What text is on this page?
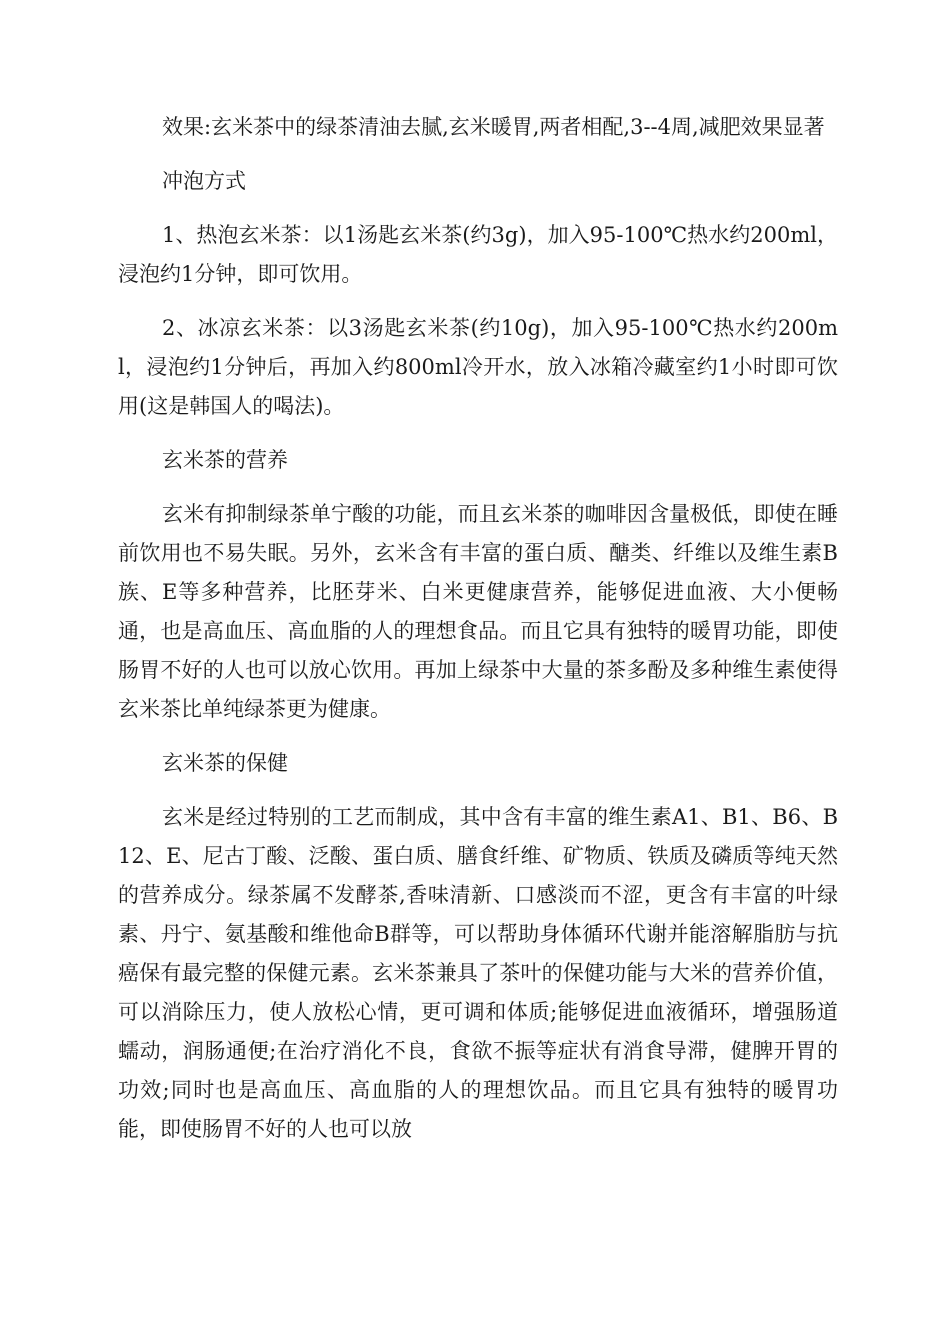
效果:玄米茶中的绿茶清油去腻,玄米暖胃,两者相配,3--4周,减肥效果显著

冲泡方式

1、热泡玄米茶：以1汤匙玄米茶(约3g)，加入95-100℃热水约200ml，浸泡约1分钟，即可饮用。

2、冰凉玄米茶：以3汤匙玄米茶(约10g)，加入95-100℃热水约200ml，浸泡约1分钟后，再加入约800ml冷开水，放入冰箱冷藏室约1小时即可饮用(这是韩国人的喝法)。

玄米茶的营养

玄米有抑制绿茶单宁酸的功能，而且玄米茶的咖啡因含量极低，即使在睡前饮用也不易失眠。另外，玄米含有丰富的蛋白质、醣类、纤维以及维生素B族、E等多种营养，比胚芽米、白米更健康营养，能够促进血液、大小便畅通，也是高血压、高血脂的人的理想食品。而且它具有独特的暖胃功能，即使肠胃不好的人也可以放心饮用。再加上绿茶中大量的茶多酚及多种维生素使得玄米茶比单纯绿茶更为健康。

玄米茶的保健

玄米是经过特别的工艺而制成，其中含有丰富的维生素A1、B1、B6、B12、E、尼古丁酸、泛酸、蛋白质、膳食纤维、矿物质、铁质及磷质等纯天然的营养成分。绿茶属不发酵茶,香味清新、口感淡而不涩，更含有丰富的叶绿素、丹宁、氨基酸和维他命B群等，可以帮助身体循环代谢并能溶解脂肪与抗癌保有最完整的保健元素。玄米茶兼具了茶叶的保健功能与大米的营养价值，可以消除压力，使人放松心情，更可调和体质;能够促进血液循环，增强肠道蠕动，润肠通便;在治疗消化不良，食欲不振等症状有消食导滞，健脾开胃的功效;同时也是高血压、高血脂的人的理想饮品。而且它具有独特的暖胃功能，即使肠胃不好的人也可以放
